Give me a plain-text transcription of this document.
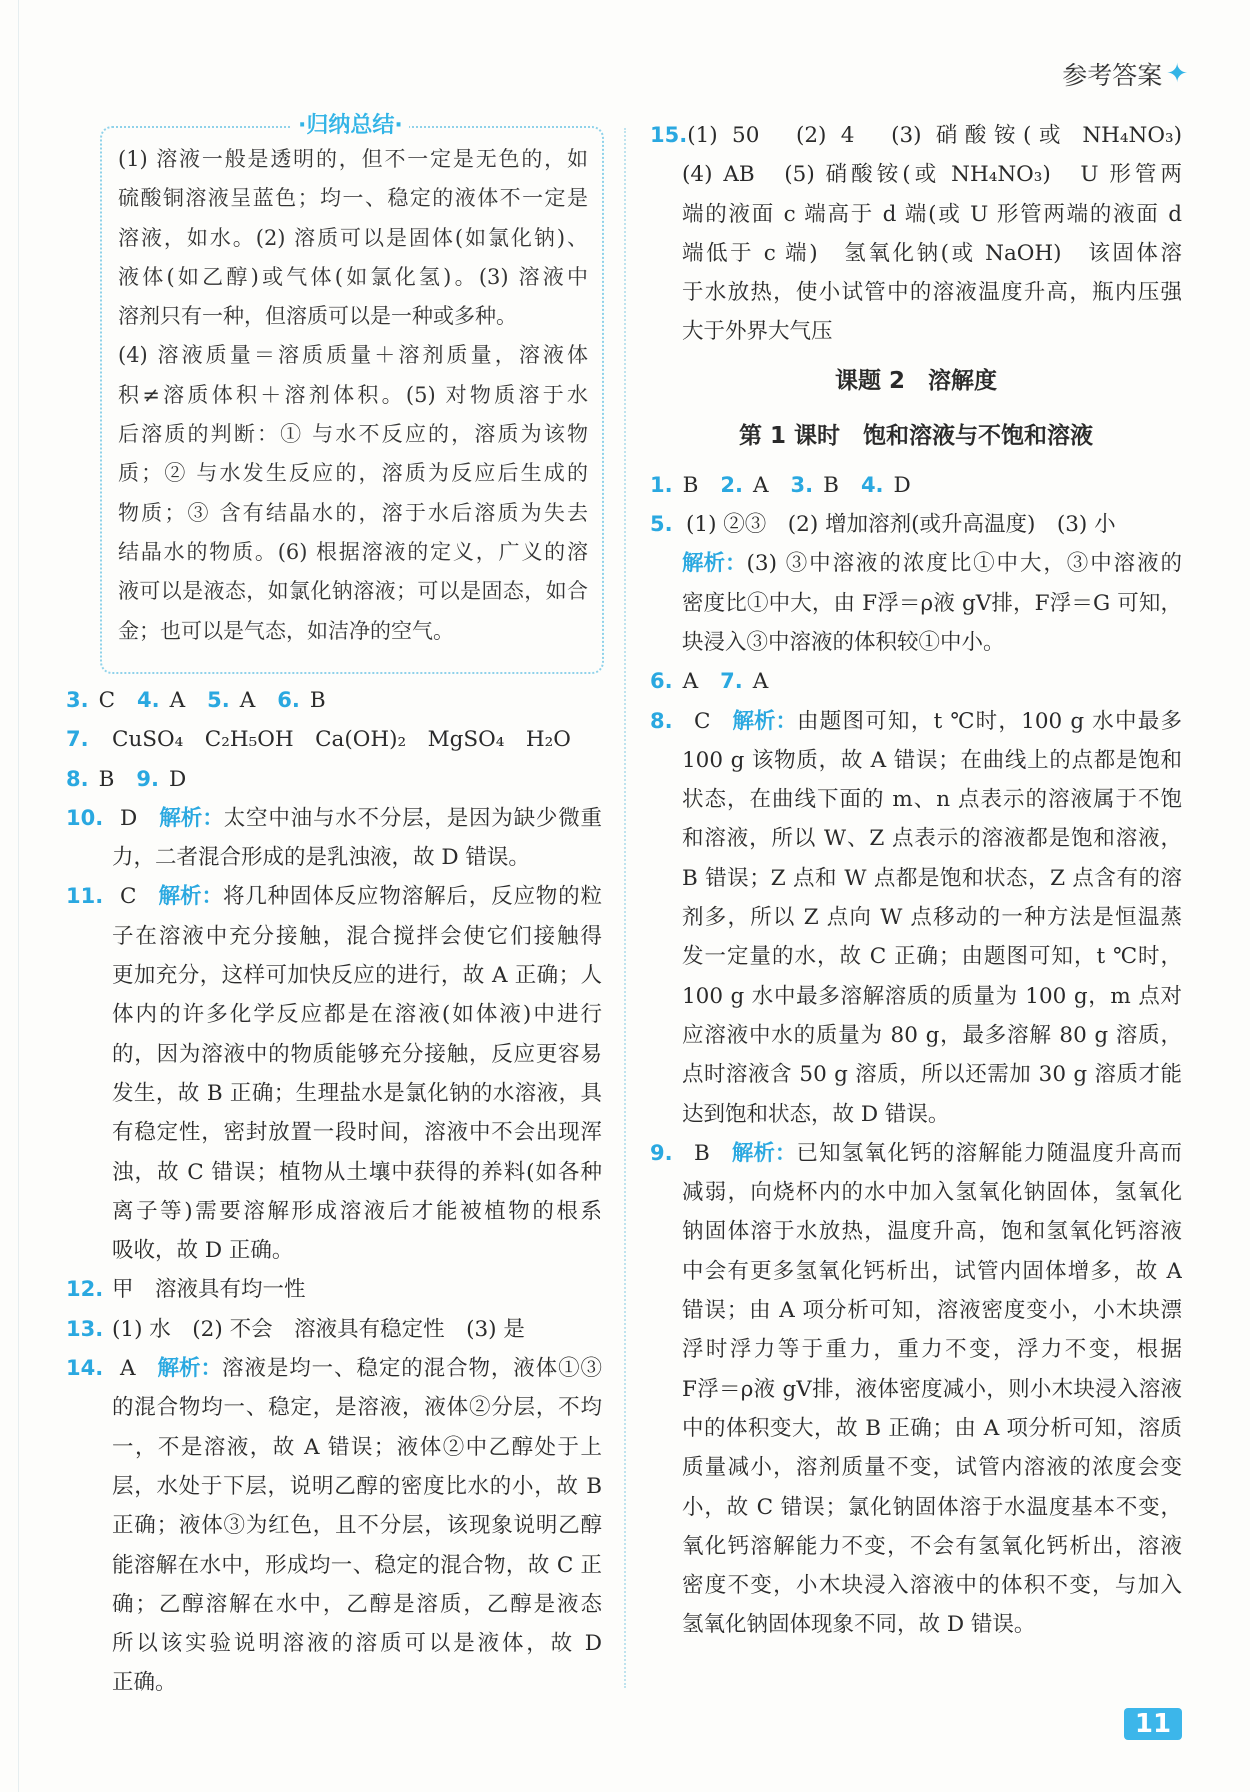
参考答案 ✦
·归纳总结·
(1) 溶液一般是透明的，但不一定是无色的，如
硫酸铜溶液呈蓝色；均一、稳定的液体不一定是
溶液，如水。(2) 溶质可以是固体(如氯化钠)、
液体(如乙醇)或气体(如氯化氢)。(3) 溶液中
溶剂只有一种，但溶质可以是一种或多种。
(4) 溶液质量＝溶质质量＋溶剂质量，溶液体
积≠溶质体积＋溶剂体积。(5) 对物质溶于水
后溶质的判断：① 与水不反应的，溶质为该物
质；② 与水发生反应的，溶质为反应后生成的
物质；③ 含有结晶水的，溶于水后溶质为失去
结晶水的物质。(6) 根据溶液的定义，广义的溶
液可以是液态，如氯化钠溶液；可以是固态，如合
金；也可以是气态，如洁净的空气。
3. C 4. A 5. A 6. B
7.	CuSO₄　C₂H₅OH　Ca(OH)₂　MgSO₄　H₂O
8. B 9. D
10. D 解析： 太空中油与水不分层，是因为缺少微重
力，二者混合形成的是乳浊液，故 D 错误。
11. C 解析： 将几种固体反应物溶解后，反应物的粒
子在溶液中充分接触，混合搅拌会使它们接触得
更加充分，这样可加快反应的进行，故 A 正确；人
体内的许多化学反应都是在溶液(如体液)中进行
的，因为溶液中的物质能够充分接触，反应更容易
发生，故 B 正确；生理盐水是氯化钠的水溶液，具
有稳定性，密封放置一段时间，溶液中不会出现浑
浊，故 C 错误；植物从土壤中获得的养料(如各种
离子等)需要溶解形成溶液后才能被植物的根系
吸收，故 D 正确。
12. 甲　溶液具有均一性
13. (1) 水　(2) 不会　溶液具有稳定性　(3) 是
14. A 解析： 溶液是均一、稳定的混合物，液体①③
的混合物均一、稳定，是溶液，液体②分层，不均
一，不是溶液，故 A 错误；液体②中乙醇处于上
层，水处于下层，说明乙醇的密度比水的小，故 B
正确；液体③为红色，且不分层，该现象说明乙醇
能溶解在水中，形成均一、稳定的混合物，故 C 正
确；乙醇溶解在水中，乙醇是溶质，乙醇是液态
所以该实验说明溶液的溶质可以是液体，故 D
正确。
15. (1) 50　(2) 4　(3) 硝酸铵(或 NH₄NO₃)
(4) AB　(5) 硝酸铵(或 NH₄NO₃)　U 形管两
端的液面 c 端高于 d 端(或 U 形管两端的液面 d
端低于 c 端)　氢氧化钠(或 NaOH)　该固体溶
于水放热，使小试管中的溶液温度升高，瓶内压强
大于外界大气压
课题 2　溶解度
第 1 课时　饱和溶液与不饱和溶液
1. B 2. A 3. B 4. D
5. (1) ②③　(2) 增加溶剂(或升高温度)　(3) 小
解析： (3) ③中溶液的浓度比①中大，③中溶液的
密度比①中大，由 F浮＝ρ液 gV排，F浮＝G 可知，
块浸入③中溶液的体积较①中小。
6. A 7. A
8. C 解析： 由题图可知，t ℃时，100 g 水中最多
100 g 该物质，故 A 错误；在曲线上的点都是饱和
状态，在曲线下面的 m、n 点表示的溶液属于不饱
和溶液，所以 W、Z 点表示的溶液都是饱和溶液，
B 错误；Z 点和 W 点都是饱和状态，Z 点含有的溶
剂多，所以 Z 点向 W 点移动的一种方法是恒温蒸
发一定量的水，故 C 正确；由题图可知，t ℃时，
100 g 水中最多溶解溶质的质量为 100 g，m 点对
应溶液中水的质量为 80 g，最多溶解 80 g 溶质，
点时溶液含 50 g 溶质，所以还需加 30 g 溶质才能
达到饱和状态，故 D 错误。
9. B 解析： 已知氢氧化钙的溶解能力随温度升高而
减弱，向烧杯内的水中加入氢氧化钠固体，氢氧化
钠固体溶于水放热，温度升高，饱和氢氧化钙溶液
中会有更多氢氧化钙析出，试管内固体增多，故 A
错误；由 A 项分析可知，溶液密度变小，小木块漂
浮时浮力等于重力，重力不变，浮力不变，根据
F浮＝ρ液 gV排，液体密度减小，则小木块浸入溶液
中的体积变大，故 B 正确；由 A 项分析可知，溶质
质量减小，溶剂质量不变，试管内溶液的浓度会变
小，故 C 错误；氯化钠固体溶于水温度基本不变，
氧化钙溶解能力不变，不会有氢氧化钙析出，溶液
密度不变，小木块浸入溶液中的体积不变，与加入
氢氧化钠固体现象不同，故 D 错误。
11
